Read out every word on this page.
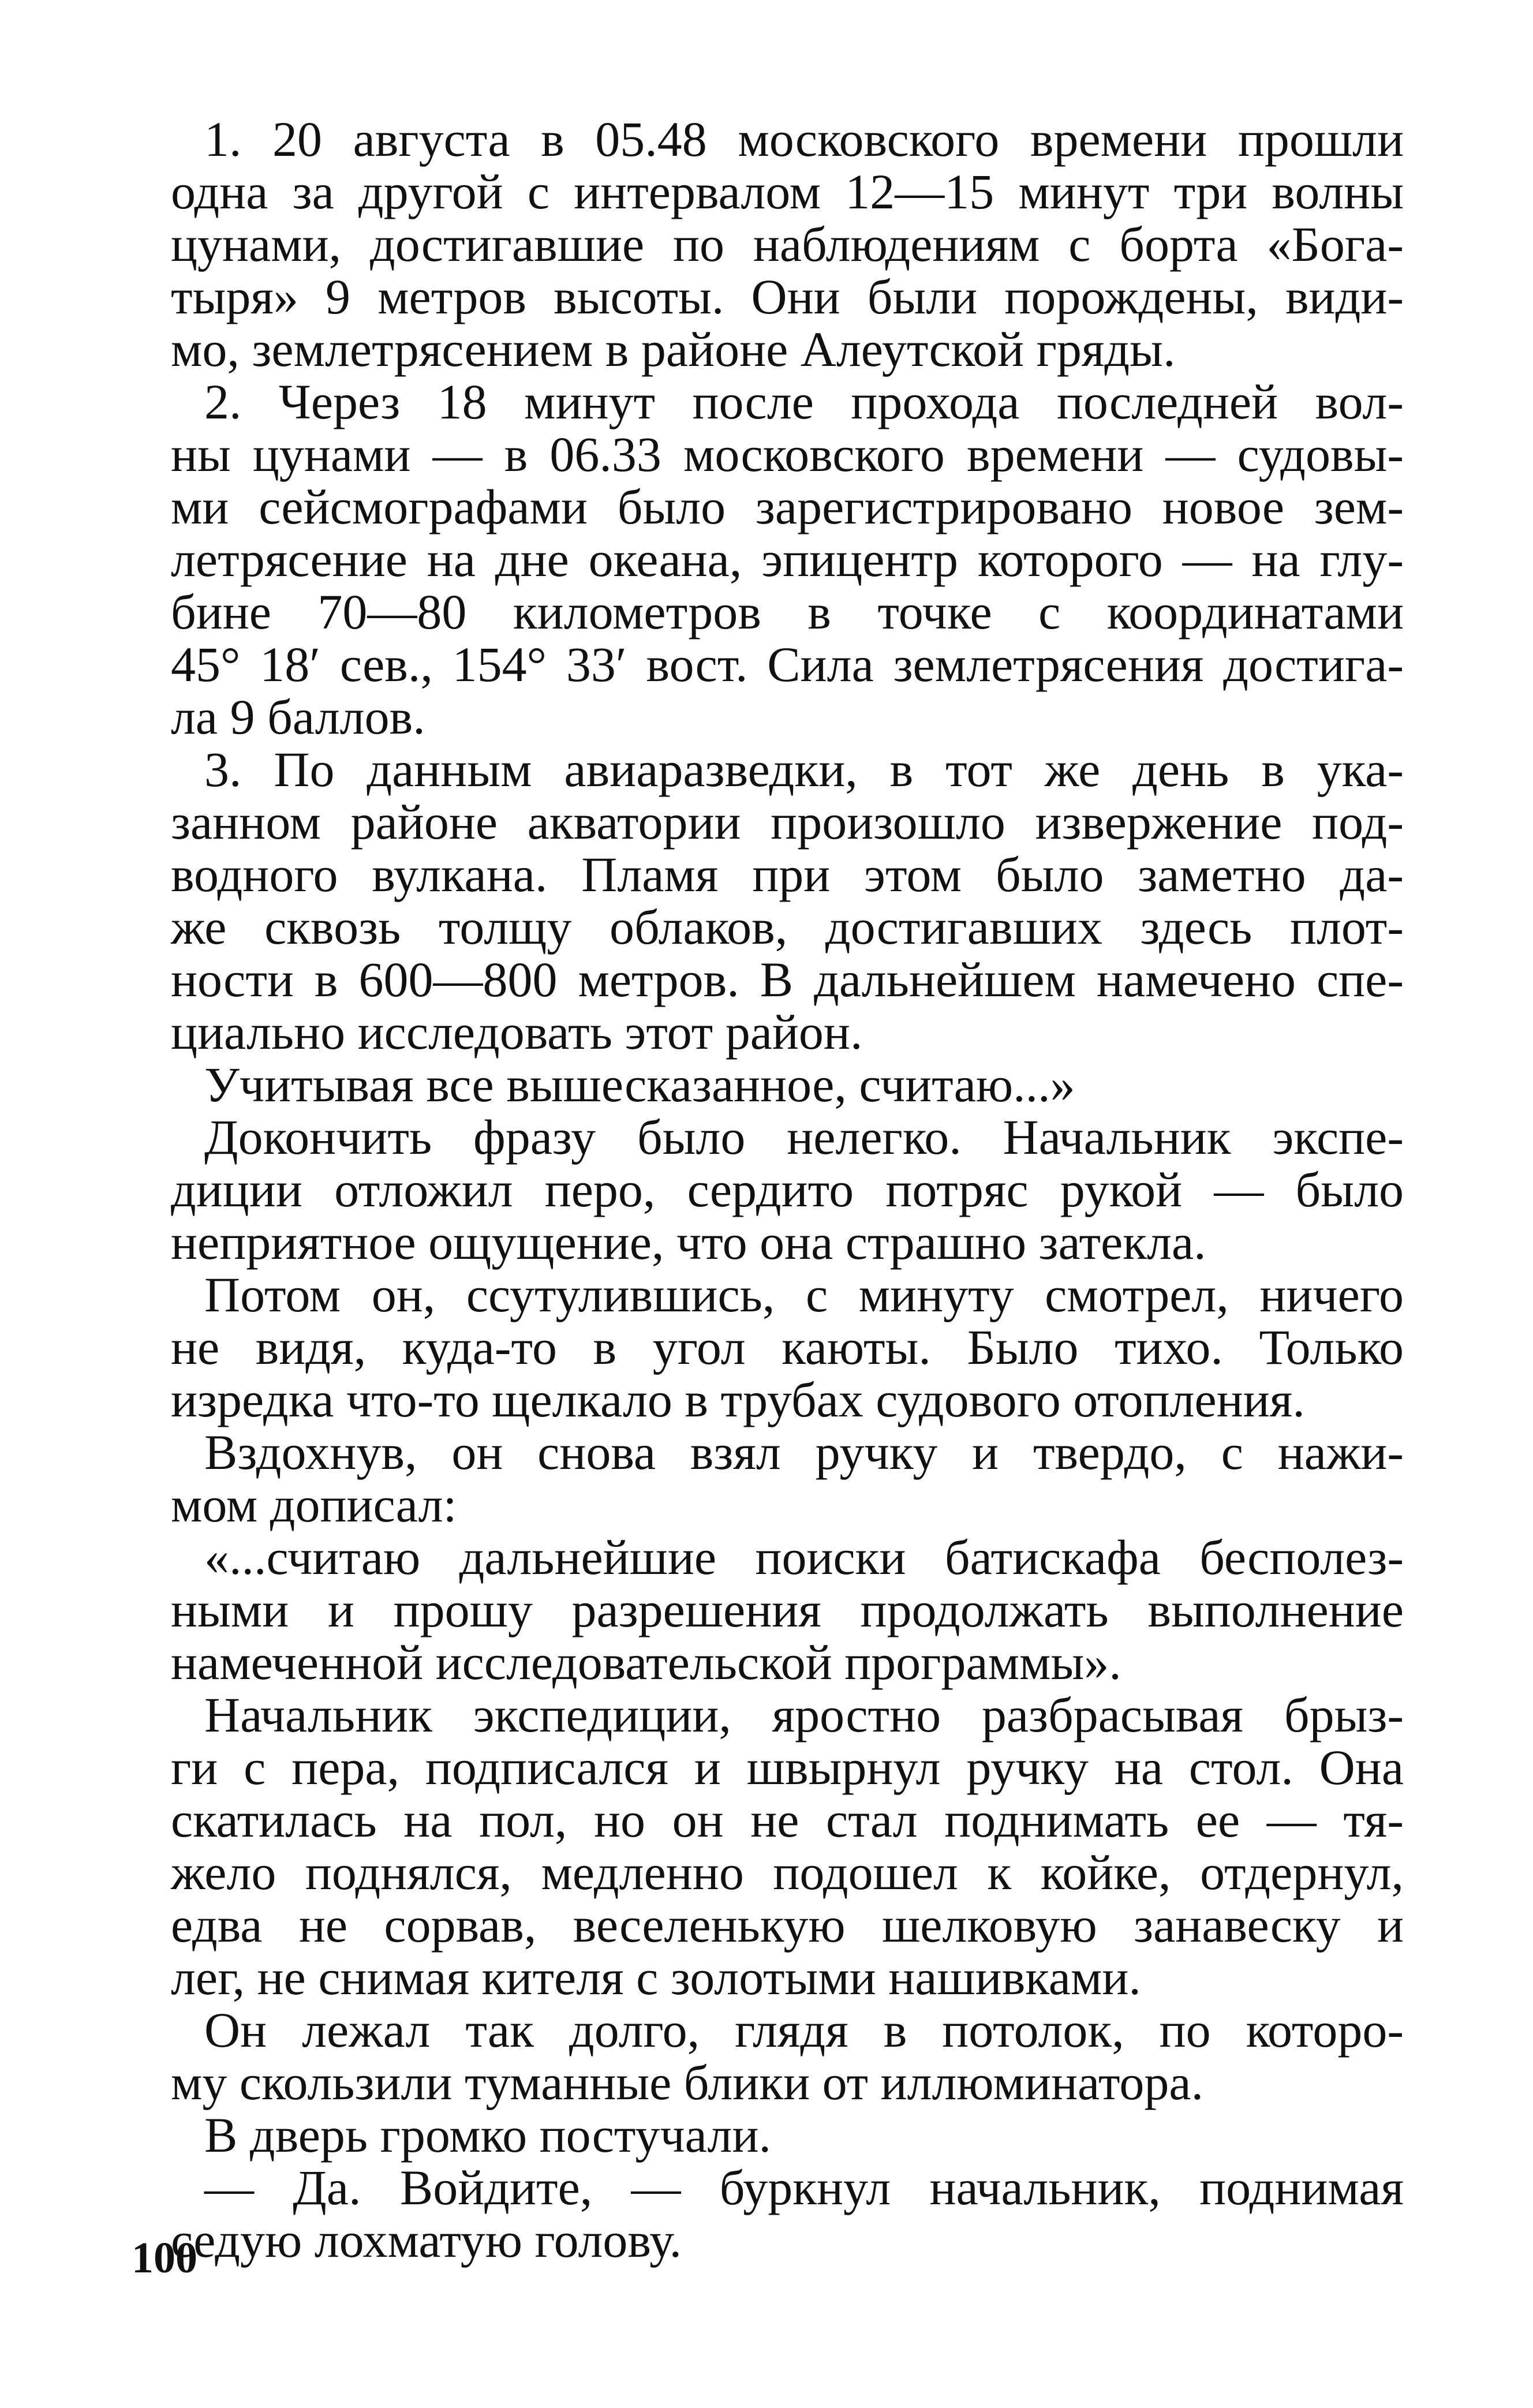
1. 20 августа в 05.48 московского времени прошли
одна за другой с интервалом 12—15 минут три волны
цунами, достигавшие по наблюдениям с борта «Бога-
тыря» 9 метров высоты. Они были порождены, види-
мо, землетрясением в районе Алеутской гряды.
2. Через 18 минут после прохода последней вол-
ны цунами — в 06.33 московского времени — судовы-
ми сейсмографами было зарегистрировано новое зем-
летрясение на дне океана, эпицентр которого — на глу-
бине 70—80 километров в точке с координатами
45° 18′ сев., 154° 33′ вост. Сила землетрясения достига-
ла 9 баллов.
3. По данным авиаразведки, в тот же день в ука-
занном районе акватории произошло извержение под-
водного вулкана. Пламя при этом было заметно да-
же сквозь толщу облаков, достигавших здесь плот-
ности в 600—800 метров. В дальнейшем намечено спе-
циально исследовать этот район.
Учитывая все вышесказанное, считаю...»
Докончить фразу было нелегко. Начальник экспе-
диции отложил перо, сердито потряс рукой — было
неприятное ощущение, что она страшно затекла.
Потом он, ссутулившись, с минуту смотрел, ничего
не видя, куда-то в угол каюты. Было тихо. Только
изредка что-то щелкало в трубах судового отопления.
Вздохнув, он снова взял ручку и твердо, с нажи-
мом дописал:
«...считаю дальнейшие поиски батискафа бесполез-
ными и прошу разрешения продолжать выполнение
намеченной исследовательской программы».
Начальник экспедиции, яростно разбрасывая брыз-
ги с пера, подписался и швырнул ручку на стол. Она
скатилась на пол, но он не стал поднимать ее — тя-
жело поднялся, медленно подошел к койке, отдернул,
едва не сорвав, веселенькую шелковую занавеску и
лег, не снимая кителя с золотыми нашивками.
Он лежал так долго, глядя в потолок, по которо-
му скользили туманные блики от иллюминатора.
В дверь громко постучали.
— Да. Войдите, — буркнул начальник, поднимая
седую лохматую голову.
100
